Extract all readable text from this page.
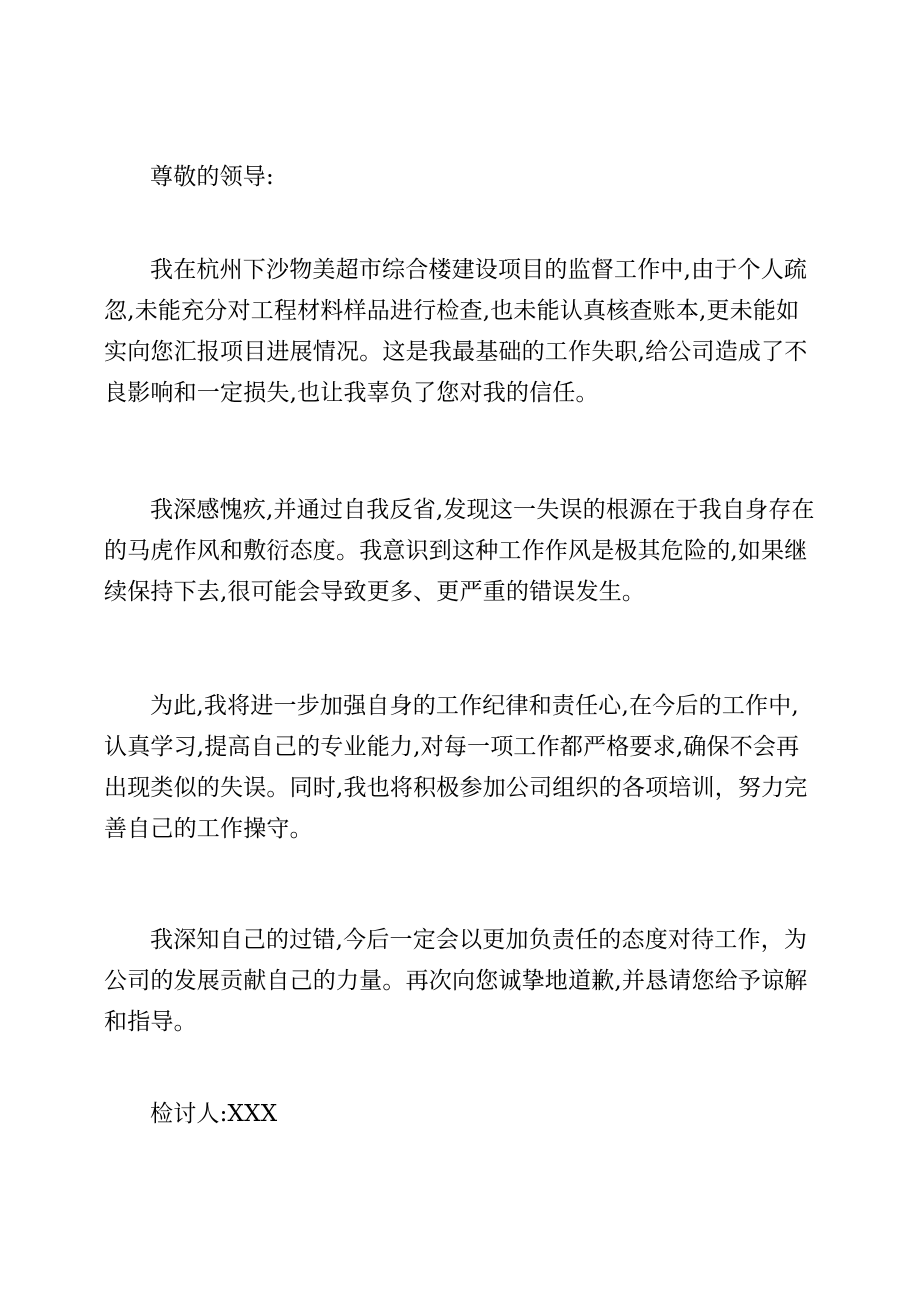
尊敬的领导:

我在杭州下沙物美超市综合楼建设项目的监督工作中,由于个人疏忽,未能充分对工程材料样品进行检查,也未能认真核查账本,更未能如实向您汇报项目进展情况。这是我最基础的工作失职,给公司造成了不良影响和一定损失,也让我辜负了您对我的信任。

我深感愧疚,并通过自我反省,发现这一失误的根源在于我自身存在的马虎作风和敷衍态度。我意识到这种工作作风是极其危险的,如果继续保持下去,很可能会导致更多、更严重的错误发生。

为此,我将进一步加强自身的工作纪律和责任心,在今后的工作中,认真学习,提高自己的专业能力,对每一项工作都严格要求,确保不会再出现类似的失误。同时,我也将积极参加公司组织的各项培训，努力完善自己的工作操守。

我深知自己的过错,今后一定会以更加负责任的态度对待工作，为公司的发展贡献自己的力量。再次向您诚挚地道歉,并恳请您给予谅解和指导。

检讨人:XXX
